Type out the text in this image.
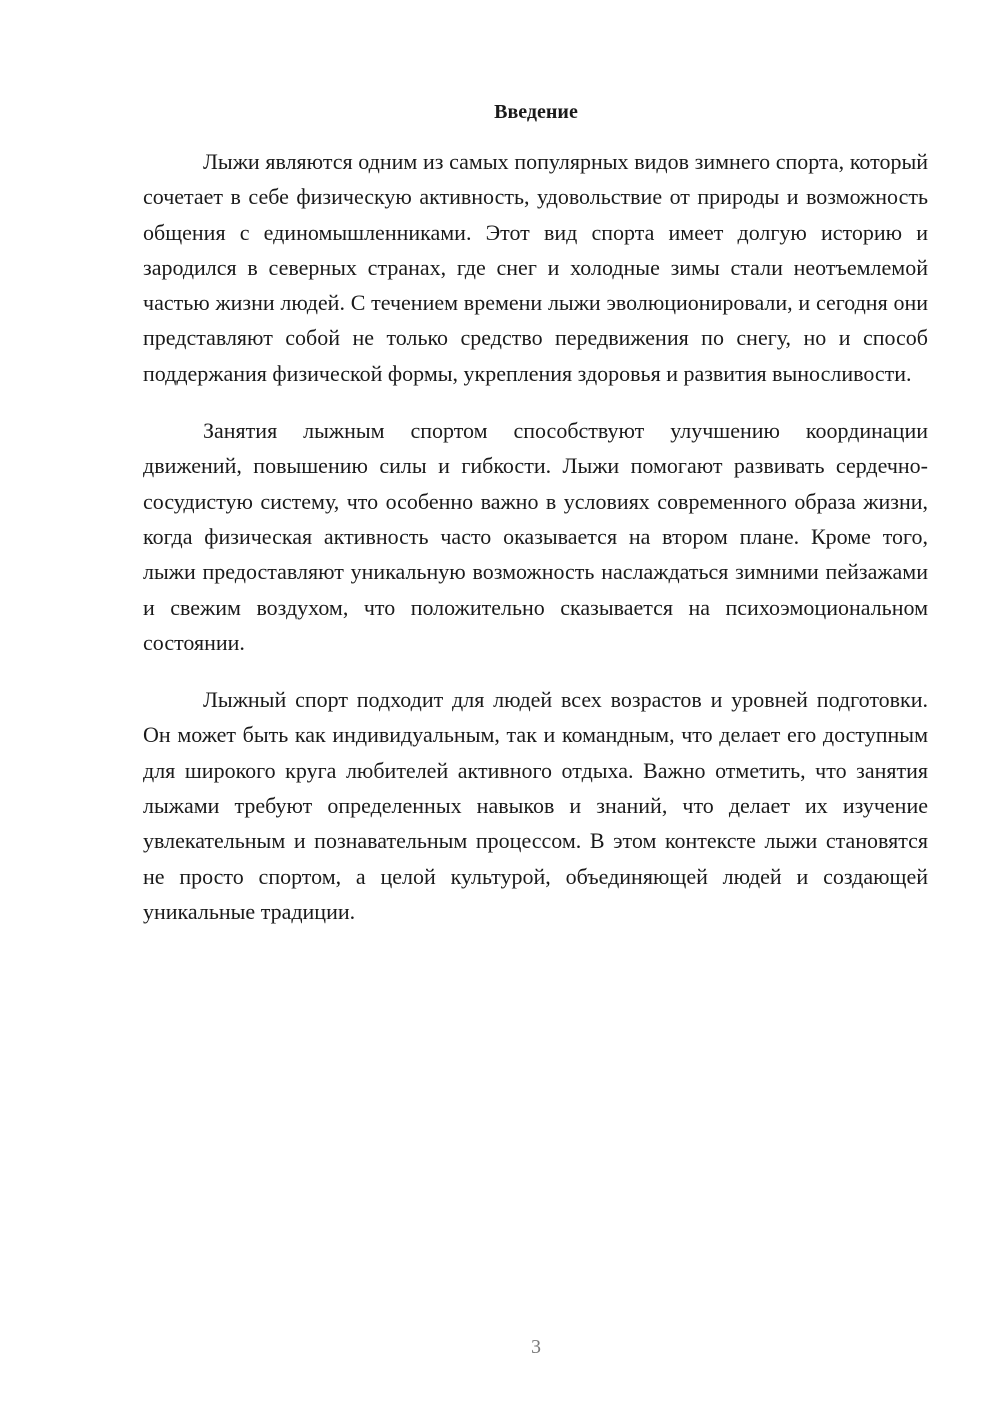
Введение

Лыжи являются одним из самых популярных видов зимнего спорта, который сочетает в себе физическую активность, удовольствие от природы и возможность общения с единомышленниками. Этот вид спорта имеет долгую историю и зародился в северных странах, где снег и холодные зимы стали неотъемлемой частью жизни людей. С течением времени лыжи эволюционировали, и сегодня они представляют собой не только средство передвижения по снегу, но и способ поддержания физической формы, укрепления здоровья и развития выносливости.

Занятия лыжным спортом способствуют улучшению координации движений, повышению силы и гибкости. Лыжи помогают развивать сердечно-сосудистую систему, что особенно важно в условиях современного образа жизни, когда физическая активность часто оказывается на втором плане. Кроме того, лыжи предоставляют уникальную возможность наслаждаться зимними пейзажами и свежим воздухом, что положительно сказывается на психоэмоциональном состоянии.

Лыжный спорт подходит для людей всех возрастов и уровней подготовки. Он может быть как индивидуальным, так и командным, что делает его доступным для широкого круга любителей активного отдыха. Важно отметить, что занятия лыжами требуют определенных навыков и знаний, что делает их изучение увлекательным и познавательным процессом. В этом контексте лыжи становятся не просто спортом, а целой культурой, объединяющей людей и создающей уникальные традиции.

3
